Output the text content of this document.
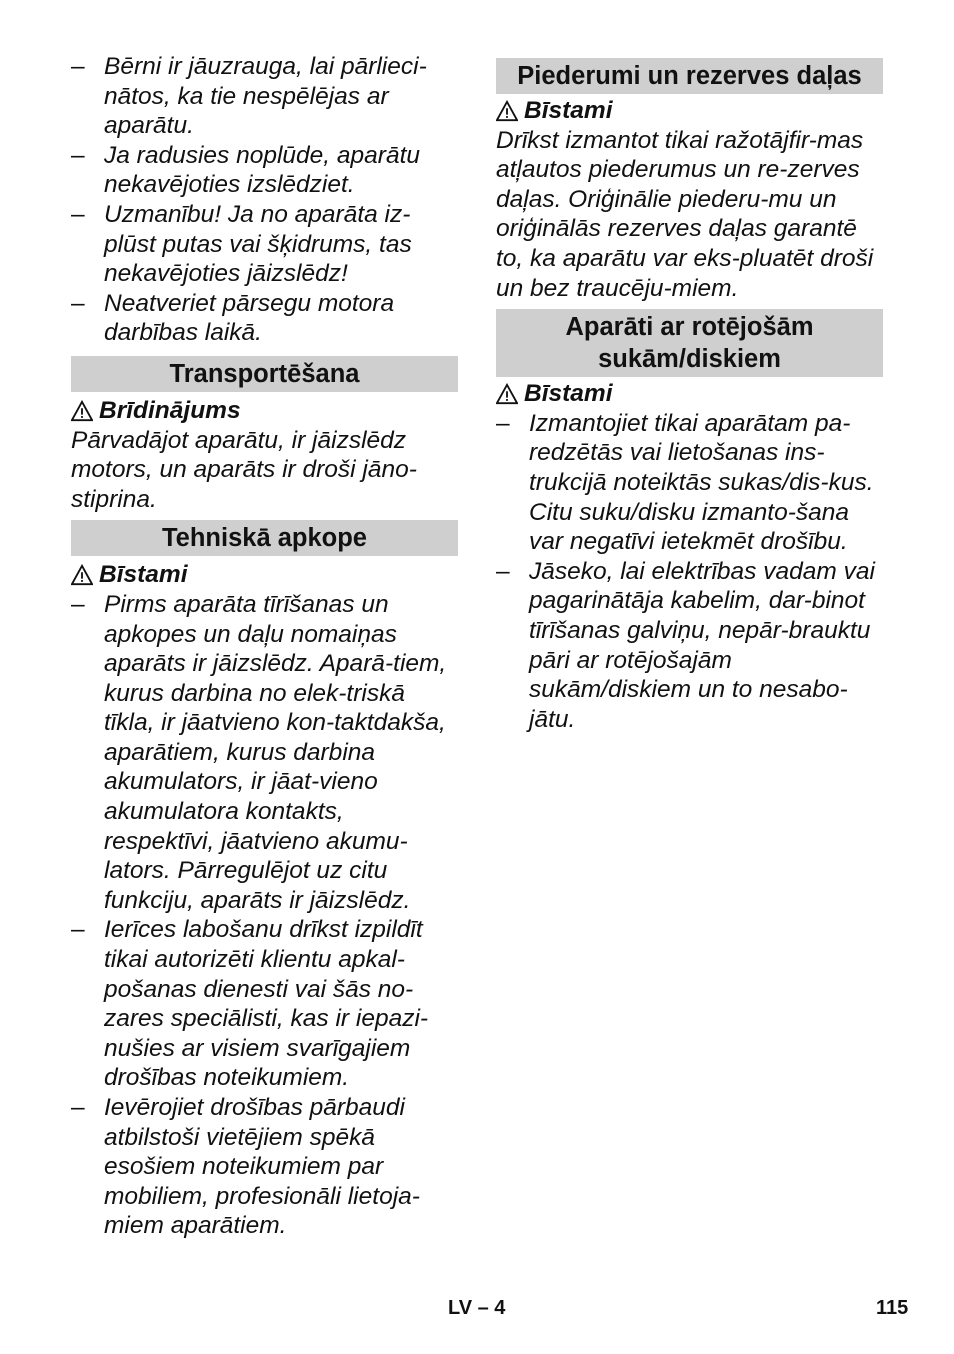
– Bērni ir jāuzrauga, lai pārlieci-nātos, ka tie nespēlējas ar aparātu.
– Ja radusies noplūde, aparātu nekavējoties izslēdziet.
– Uzmanību! Ja no aparāta iz-plūst putas vai šķidrums, tas nekavējoties jāizslēdz!
– Neatveriet pārsegu motora darbības laikā.
Transportēšana
Brīdinājums

Pārvadājot aparātu, ir jāizslēdz motors, un aparāts ir droši jāno-stiprina.

Tehniskā apkope
Bīstami
– Pirms aparāta tīrīšanas un apkopes un daļu nomaiņas aparāts ir jāizslēdz. Aparā-tiem, kurus darbina no elek-triskā tīkla, ir jāatvieno kon-taktdakša, aparātiem, kurus darbina akumulators, ir jāat-vieno akumulatora kontakts, respektīvi, jāatvieno akumu-lators. Pārregulējot uz citu funkciju, aparāts ir jāizslēdz.
– Ierīces labošanu drīkst izpildīt tikai autorizēti klientu apkal-pošanas dienesti vai šās no-zares speciālisti, kas ir iepazi-nušies ar visiem svarīgajiem drošības noteikumiem.
– Ievērojiet drošības pārbaudi atbilstoši vietējiem spēkā esošiem noteikumiem par mobiliem, profesionāli lietoja-miem aparātiem.
Piederumi un rezerves daļas
Bīstami

Drīkst izmantot tikai ražotājfir-mas atļautos piederumus un re-zerves daļas. Oriģinālie piederu-mu un oriģinālās rezerves daļas garantē to, ka aparātu var eks-pluatēt droši un bez traucēju-miem.

Aparāti ar rotējošām sukām/diskiem
Bīstami
– Izmantojiet tikai aparātam pa-redzētās vai lietošanas ins-trukcijā noteiktās sukas/dis-kus. Citu suku/disku izmanto-šana var negatīvi ietekmēt drošību.
– Jāseko, lai elektrības vadam vai pagarinātāja kabelim, dar-binot tīrīšanas galviņu, nepār-brauktu pāri ar rotējošajām sukām/diskiem un to nesabo-jātu.
LV – 4	115
